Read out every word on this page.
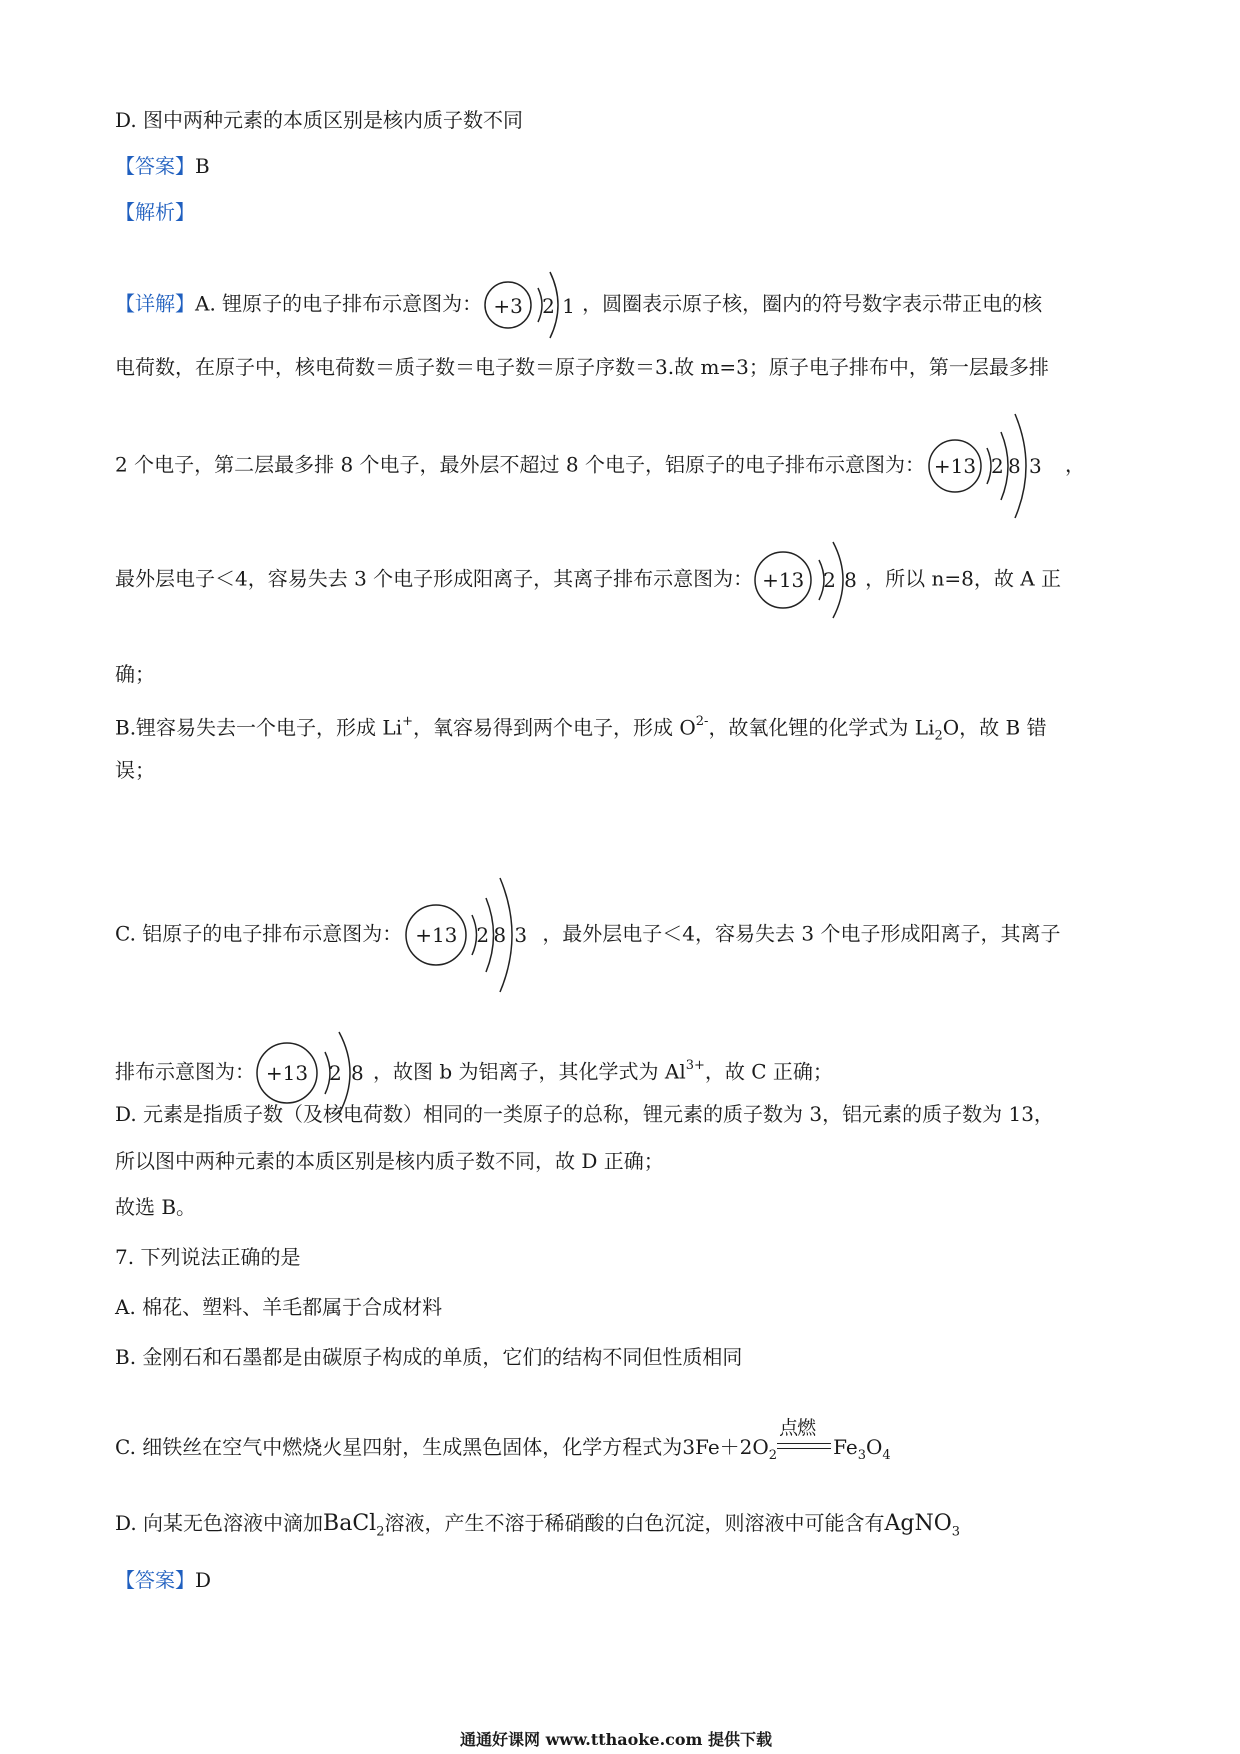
D. 图中两种元素的本质区别是核内质子数不同
【答案】B
【解析】
【详解】A. 锂原子的电子排布示意图为： +3 2 1 ，圆圈表示原子核，圈内的符号数字表示带正电的核
电荷数，在原子中，核电荷数＝质子数＝电子数＝原子序数＝3.故 m=3；原子电子排布中，第一层最多排
2 个电子，第二层最多排 8 个电子，最外层不超过 8 个电子，铝原子的电子排布示意图为： +13 2 8 3 ，
最外层电子＜4，容易失去 3 个电子形成阳离子，其离子排布示意图为： +13 2 8 ，所以 n=8，故 A 正
确；
B.锂容易失去一个电子，形成 Li+，氧容易得到两个电子，形成 $O^{2-}$，故氧化锂的化学式为 $Li_2O$，故 B 错
误；
C. 铝原子的电子排布示意图为： +13 2 8 3 ，最外层电子＜4，容易失去 3 个电子形成阳离子，其离子
排布示意图为： +13 2 8 ，故图 b 为铝离子，其化学式为 $Al^{3+}$，故 C 正确；
D. 元素是指质子数（及核电荷数）相同的一类原子的总称，锂元素的质子数为 3，铝元素的质子数为 13，
所以图中两种元素的本质区别是核内质子数不同，故 D 正确；
故选 B。
7. 下列说法正确的是
A. 棉花、塑料、羊毛都属于合成材料
B. 金刚石和石墨都是由碳原子构成的单质，它们的结构不同但性质相同
C. 细铁丝在空气中燃烧火星四射，生成黑色固体，化学方程式为$3Fe+2O_2$
点燃
$Fe_3O_4$
D. 向某无色溶液中滴加BaCl$_2$溶液，产生不溶于稀硝酸的白色沉淀，则溶液中可能含有AgNO$_3$
【答案】D
通通好课网 www.tthaoke.com 提供下载
